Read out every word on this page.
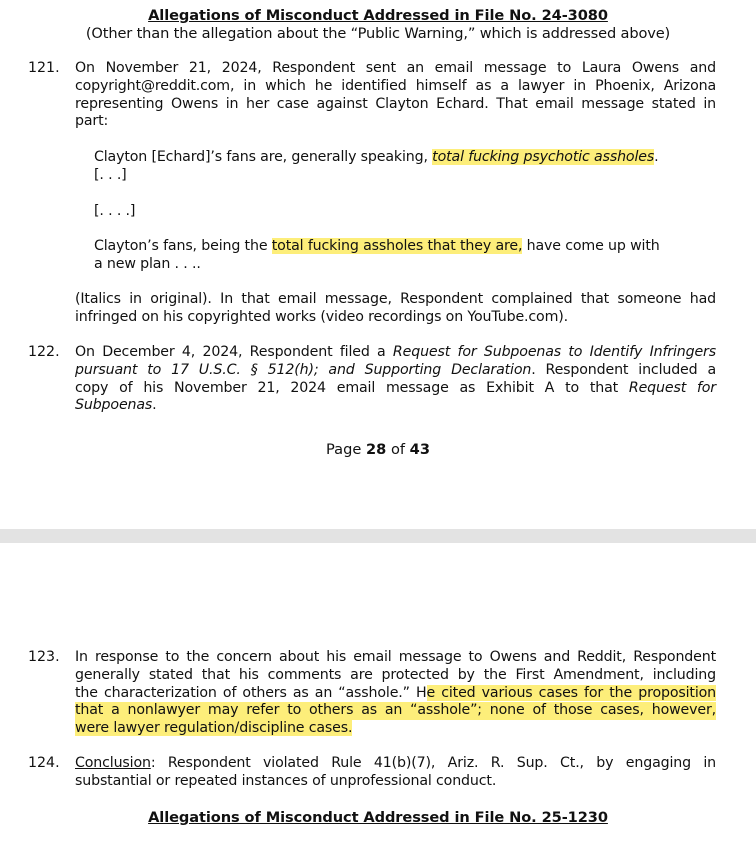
Allegations of Misconduct Addressed in File No. 24-3080
(Other than the allegation about the “Public Warning,” which is addressed above)
121.	On November 21, 2024, Respondent sent an email message to Laura Owens and
copyright@reddit.com, in which he identified himself as a lawyer in Phoenix, Arizona
representing Owens in her case against Clayton Echard. That email message stated in
part:
Clayton [Echard]’s fans are, generally speaking, total fucking psychotic assholes.
[. . .]
[. . . .]
Clayton’s fans, being the total fucking assholes that they are, have come up with
a new plan . . ..
(Italics in original). In that email message, Respondent complained that someone had
infringed on his copyrighted works (video recordings on YouTube.com).
122.	On December 4, 2024, Respondent filed a Request for Subpoenas to Identify Infringers
pursuant to 17 U.S.C. § 512(h); and Supporting Declaration. Respondent included a
copy of his November 21, 2024 email message as Exhibit A to that Request for
Subpoenas.
Page 28 of 43
123.	In response to the concern about his email message to Owens and Reddit, Respondent
generally stated that his comments are protected by the First Amendment, including
the characterization of others as an “asshole.” He cited various cases for the proposition
that a nonlawyer may refer to others as an “asshole”; none of those cases, however,
were lawyer regulation/discipline cases.
124.	Conclusion: Respondent violated Rule 41(b)(7), Ariz. R. Sup. Ct., by engaging in
substantial or repeated instances of unprofessional conduct.
Allegations of Misconduct Addressed in File No. 25-1230
